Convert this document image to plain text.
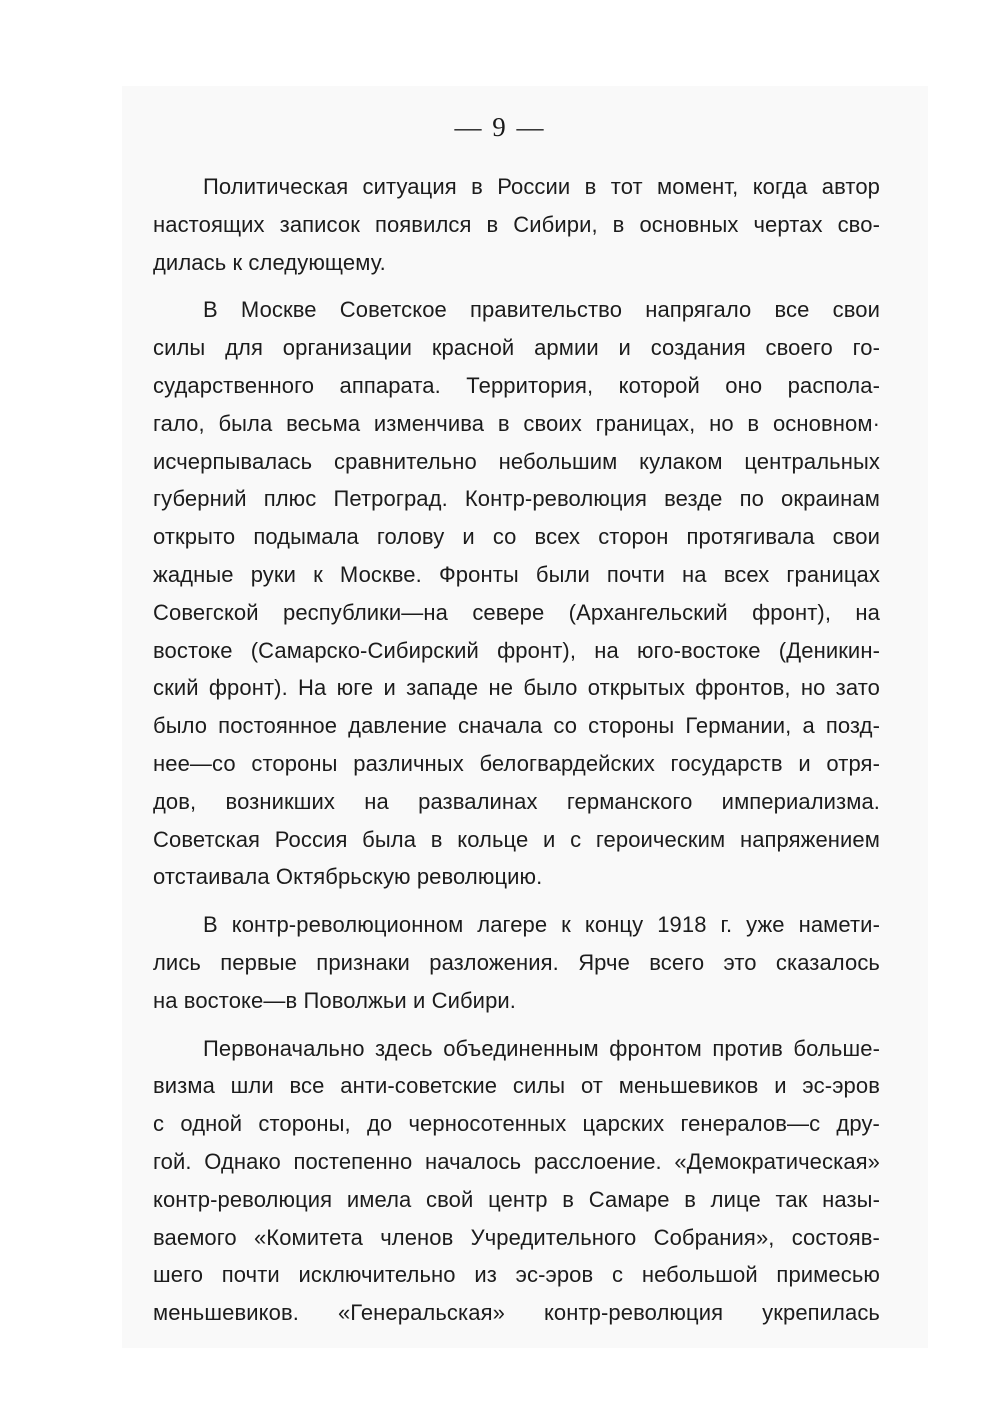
— 9 —
Политическая ситуация в России в тот момент, когда автор
настоящих записок появился в Сибири, в основных чертах сво-
дилась к следующему.
В Москве Советское правительство напрягало все свои
силы для организации красной армии и создания своего го-
сударственного аппарата. Территория, которой оно распола-
гало, была весьма изменчива в своих границах, но в основном·
исчерпывалась сравнительно небольшим кулаком центральных
губерний плюс Петроград. Контр-революция везде по окраинам
открыто подымала голову и со всех сторон протягивала свои
жадные руки к Москве. Фронты были почти на всех границах
Совегской республики—на севере (Архангельский фронт), на
востоке (Самарско-Сибирский фронт), на юго-востоке (Деникин-
ский фронт). На юге и западе не было открытых фронтов, но зато
было постоянное давление сначала со стороны Германии, а позд-
нее—со стороны различных белогвардейских государств и отря-
дов, возникших на развалинах германского империализма.
Советская Россия была в кольце и с героическим напряжением
отстаивала Октябрьскую революцию.
В контр-революционном лагере к концу 1918 г. уже намети-
лись первые признаки разложения. Ярче всего это сказалось
на востоке—в Поволжьи и Сибири.
Первоначально здесь объединенным фронтом против больше-
визма шли все анти-советские силы от меньшевиков и эс-эров
с одной стороны, до черносотенных царских генералов—с дру-
гой. Однако постепенно началось расслоение. «Демократическая»
контр-революция имела свой центр в Самаре в лице так назы-
ваемого «Комитета членов Учредительного Собрания», состояв-
шего почти исключительно из эс-эров с небольшой примесью
меньшевиков. «Генеральская» контр-революция укрепилась
